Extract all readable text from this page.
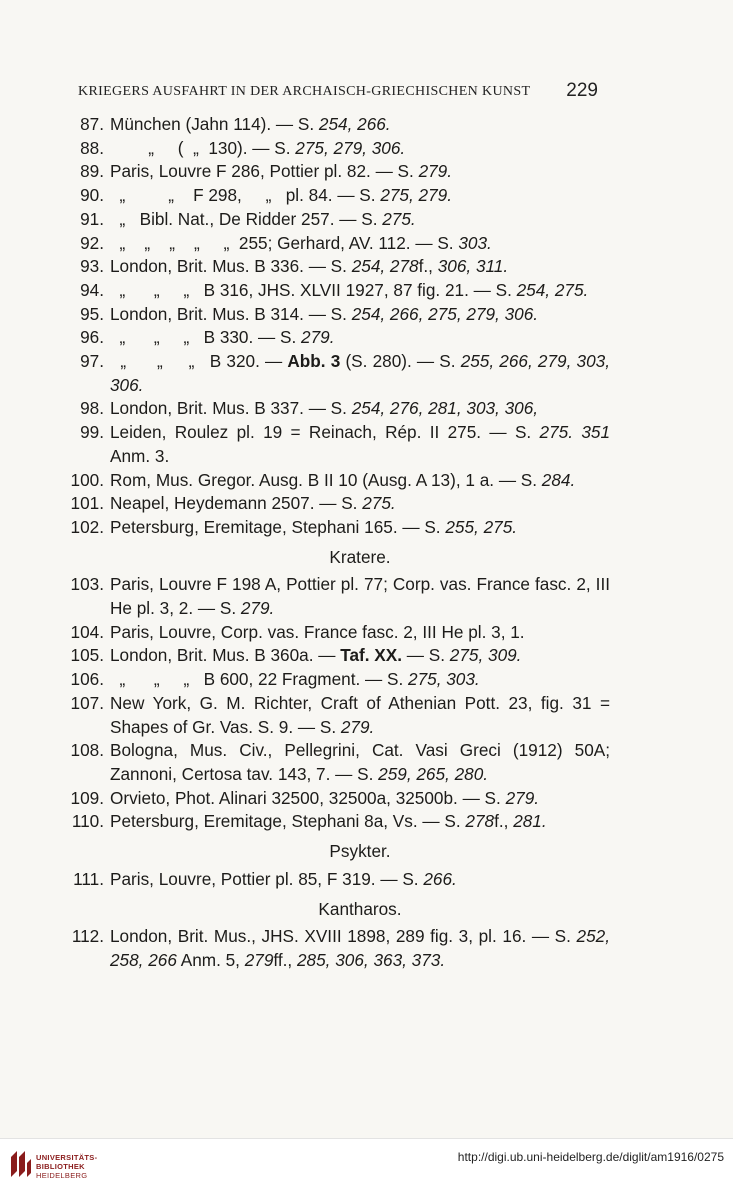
KRIEGERS AUSFAHRT IN DER ARCHAISCH-GRIECHISCHEN KUNST 229
87. München (Jahn 114). — S. 254, 266.
88. „     (  „  130). — S. 275, 279, 306.
89. Paris, Louvre F 286, Pottier pl. 82. — S. 279.
90. „         „    F 298,     „   pl. 84. — S. 275, 279.
91. „   Bibl. Nat., De Ridder 257. — S. 275.
92. „    „    „    „     „  255; Gerhard, AV. 112. — S. 303.
93. London, Brit. Mus. B 336. — S. 254, 278f., 306, 311.
94. „      „     „   B 316, JHS. XLVII 1927, 87 fig. 21. — S. 254, 275.
95. London, Brit. Mus. B 314. — S. 254, 266, 275, 279, 306.
96. „      „     „   B 330. — S. 279.
97. „      „     „   B 320. — Abb. 3 (S. 280). — S. 255, 266, 279, 303, 306.
98. London, Brit. Mus. B 337. — S. 254, 276, 281, 303, 306,
99. Leiden, Roulez pl. 19 = Reinach, Rép. II 275. — S. 275. 351 Anm. 3.
100. Rom, Mus. Gregor. Ausg. B II 10 (Ausg. A 13), 1 a. — S. 284.
101. Neapel, Heydemann 2507. — S. 275.
102. Petersburg, Eremitage, Stephani 165. — S. 255, 275.
Kratere.
103. Paris, Louvre F 198 A, Pottier pl. 77; Corp. vas. France fasc. 2, III He pl. 3, 2. — S. 279.
104. Paris, Louvre, Corp. vas. France fasc. 2, III He pl. 3, 1.
105. London, Brit. Mus. B 360a. — Taf. XX. — S. 275, 309.
106. „      „     „   B 600, 22 Fragment. — S. 275, 303.
107. New York, G. M. Richter, Craft of Athenian Pott. 23, fig. 31 = Shapes of Gr. Vas. S. 9. — S. 279.
108. Bologna, Mus. Civ., Pellegrini, Cat. Vasi Greci (1912) 50A; Zannoni, Certosa tav. 143, 7. — S. 259, 265, 280.
109. Orvieto, Phot. Alinari 32500, 32500a, 32500b. — S. 279.
110. Petersburg, Eremitage, Stephani 8a, Vs. — S. 278f., 281.
Psykter.
111. Paris, Louvre, Pottier pl. 85, F 319. — S. 266.
Kantharos.
112. London, Brit. Mus., JHS. XVIII 1898, 289 fig. 3, pl. 16. — S. 252, 258, 266 Anm. 5, 279ff., 285, 306, 363, 373.
UNIVERSITÄTS-
BIBLIOTHEK
HEIDELBERG
http://digi.ub.uni-heidelberg.de/diglit/am1916/0275
